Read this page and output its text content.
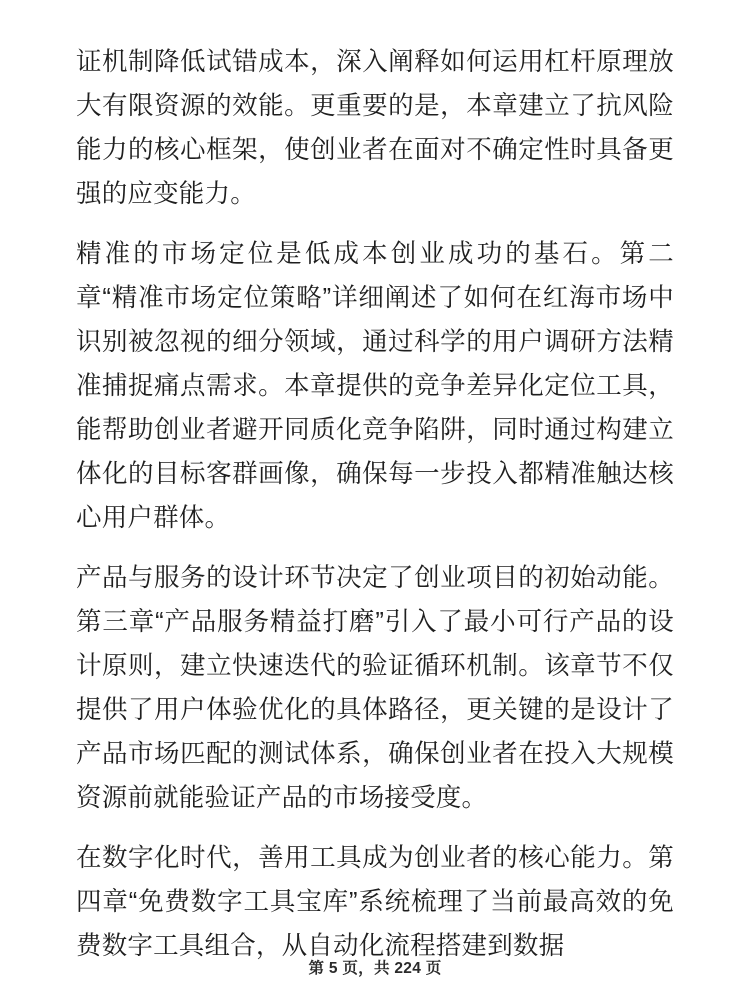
证机制降低试错成本，深入阐释如何运用杠杆原理放大有限资源的效能。更重要的是，本章建立了抗风险能力的核心框架，使创业者在面对不确定性时具备更强的应变能力。

精准的市场定位是低成本创业成功的基石。第二章“精准市场定位策略”详细阐述了如何在红海市场中识别被忽视的细分领域，通过科学的用户调研方法精准捕捉痛点需求。本章提供的竞争差异化定位工具，能帮助创业者避开同质化竞争陷阱，同时通过构建立体化的目标客群画像，确保每一步投入都精准触达核心用户群体。

产品与服务的设计环节决定了创业项目的初始动能。第三章“产品服务精益打磨”引入了最小可行产品的设计原则，建立快速迭代的验证循环机制。该章节不仅提供了用户体验优化的具体路径，更关键的是设计了产品市场匹配的测试体系，确保创业者在投入大规模资源前就能验证产品的市场接受度。

在数字化时代，善用工具成为创业者的核心能力。第四章“免费数字工具宝库”系统梳理了当前最高效的免费数字工具组合，从自动化流程搭建到数据

第 5 页，共 224 页
